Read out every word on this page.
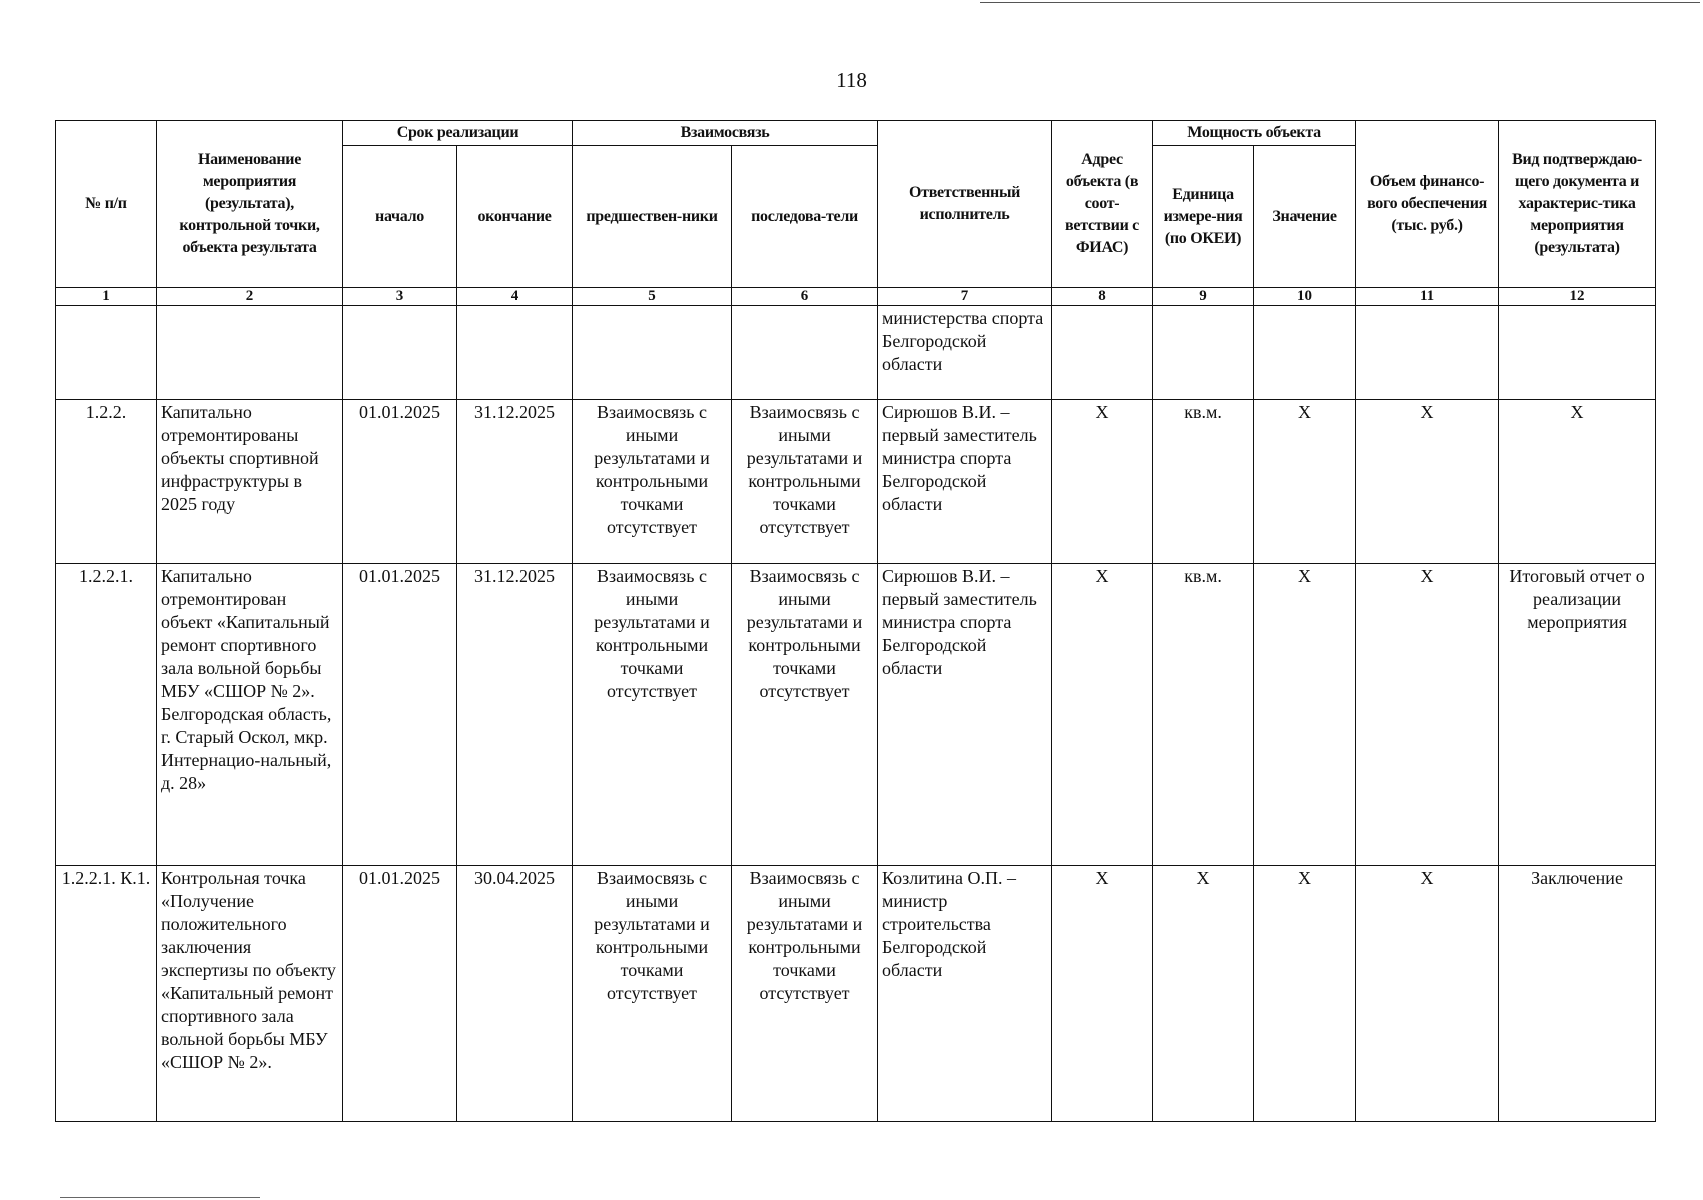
118
№ п/п	Наименование мероприятия (результата), контрольной точки, объекта результата	Срок реализации		Взаимосвязь		Ответственный исполнитель	Адрес объекта (в соот-ветствии с ФИАС)	Мощность объекта		Объем финансо-вого обеспечения (тыс. руб.)	Вид подтверждаю-щего документа и характерис-тика мероприятия (результата)
		начало	окончание	предшествен-ники	последова-тели			Единица измере-ния (по ОКЕИ)	Значение		
1	2	3	4	5	6	7	8	9	10	11	12
						министерства спорта Белгородской области					
1.2.2.	Капитально отремонтированы объекты спортивной инфраструктуры в 2025 году	01.01.2025	31.12.2025	Взаимосвязь с иными результатами и контрольными точками отсутствует	Взаимосвязь с иными результатами и контрольными точками отсутствует	Сирюшов В.И. – первый заместитель министра спорта Белгородской области	Х	кв.м.	Х	Х	Х
1.2.2.1.	Капитально отремонтирован объект «Капитальный ремонт спортивного зала вольной борьбы МБУ «СШОР № 2». Белгородская область, г. Старый Оскол, мкр. Интернацио-нальный, д. 28»	01.01.2025	31.12.2025	Взаимосвязь с иными результатами и контрольными точками отсутствует	Взаимосвязь с иными результатами и контрольными точками отсутствует	Сирюшов В.И. – первый заместитель министра спорта Белгородской области	Х	кв.м.	Х	Х	Итоговый отчет о реализации мероприятия
1.2.2.1. К.1.	Контрольная точка «Получение положительного заключения экспертизы по объекту «Капитальный ремонт спортивного зала вольной борьбы МБУ «СШОР № 2».	01.01.2025	30.04.2025	Взаимосвязь с иными результатами и контрольными точками отсутствует	Взаимосвязь с иными результатами и контрольными точками отсутствует	Козлитина О.П. – министр строительства Белгородской области	Х	Х	Х	Х	Заключение
